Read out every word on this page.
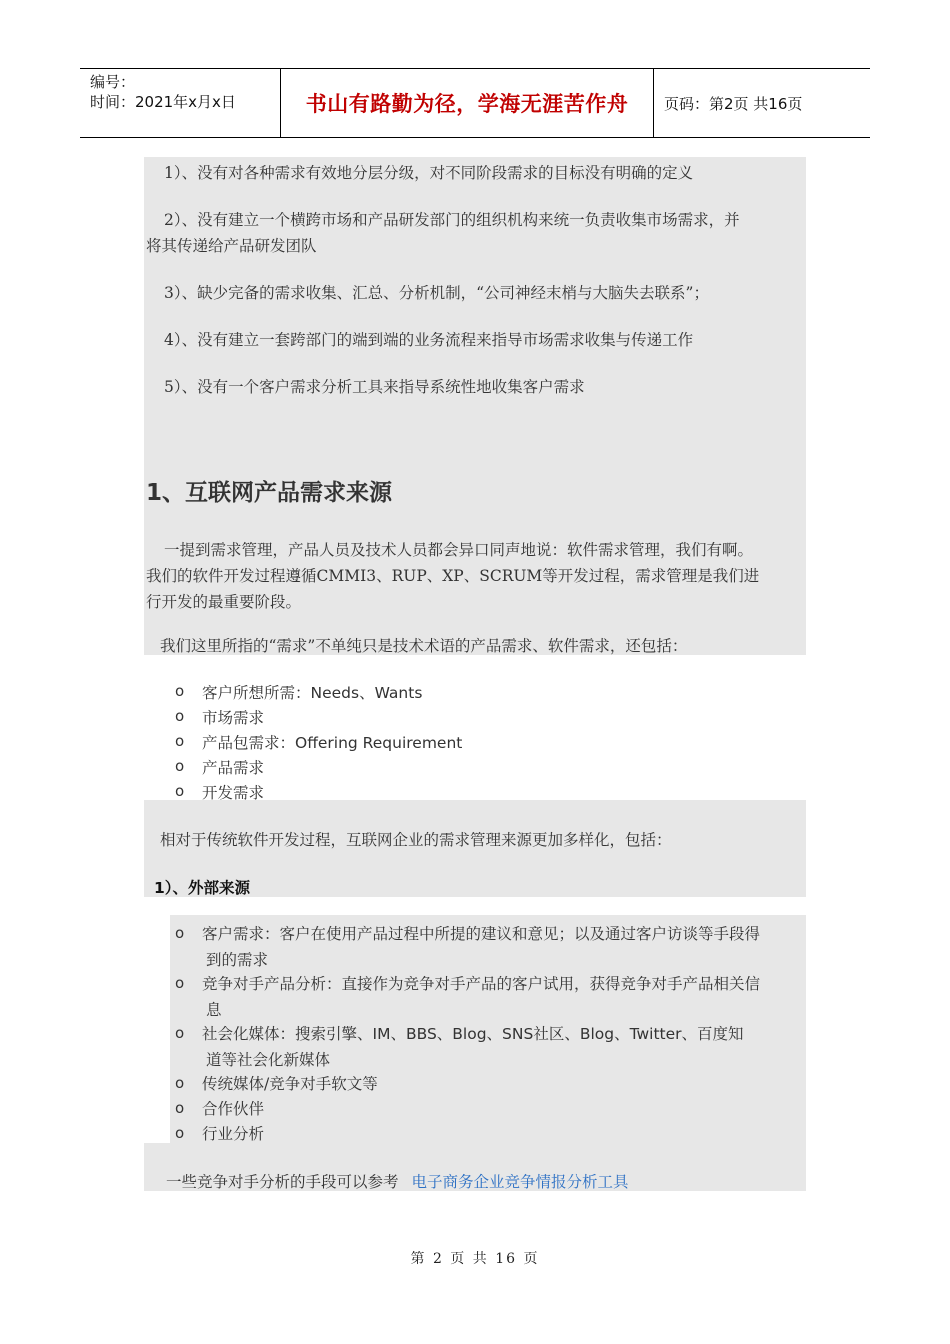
编号：
时间：2021年x月x日	书山有路勤为径，学海无涯苦作舟	页码：第2页 共16页
1）、没有对各种需求有效地分层分级，对不同阶段需求的目标没有明确的定义
2）、没有建立一个横跨市场和产品研发部门的组织机构来统一负责收集市场需求，并
将其传递给产品研发团队
3）、缺少完备的需求收集、汇总、分析机制，“公司神经末梢与大脑失去联系”；
4）、没有建立一套跨部门的端到端的业务流程来指导市场需求收集与传递工作
5）、没有一个客户需求分析工具来指导系统性地收集客户需求
1、互联网产品需求来源
一提到需求管理，产品人员及技术人员都会异口同声地说：软件需求管理，我们有啊。
我们的软件开发过程遵循CMMI3、RUP、XP、SCRUM等开发过程，需求管理是我们进
行开发的最重要阶段。
我们这里所指的“需求”不单纯只是技术术语的产品需求、软件需求，还包括：
o 客户所想所需：Needs、Wants
o 市场需求
o 产品包需求：Offering Requirement
o 产品需求
o 开发需求
相对于传统软件开发过程，互联网企业的需求管理来源更加多样化，包括：
1）、外部来源
o 客户需求：客户在使用产品过程中所提的建议和意见；以及通过客户访谈等手段得
到的需求
o 竞争对手产品分析：直接作为竞争对手产品的客户试用，获得竞争对手产品相关信
息
o 社会化媒体：搜索引擎、IM、BBS、Blog、SNS社区、Blog、Twitter、百度知
道等社会化新媒体
o 传统媒体/竞争对手软文等
o 合作伙伴
o 行业分析
一些竞争对手分析的手段可以参考 电子商务企业竞争情报分析工具
第 2 页 共 16 页
